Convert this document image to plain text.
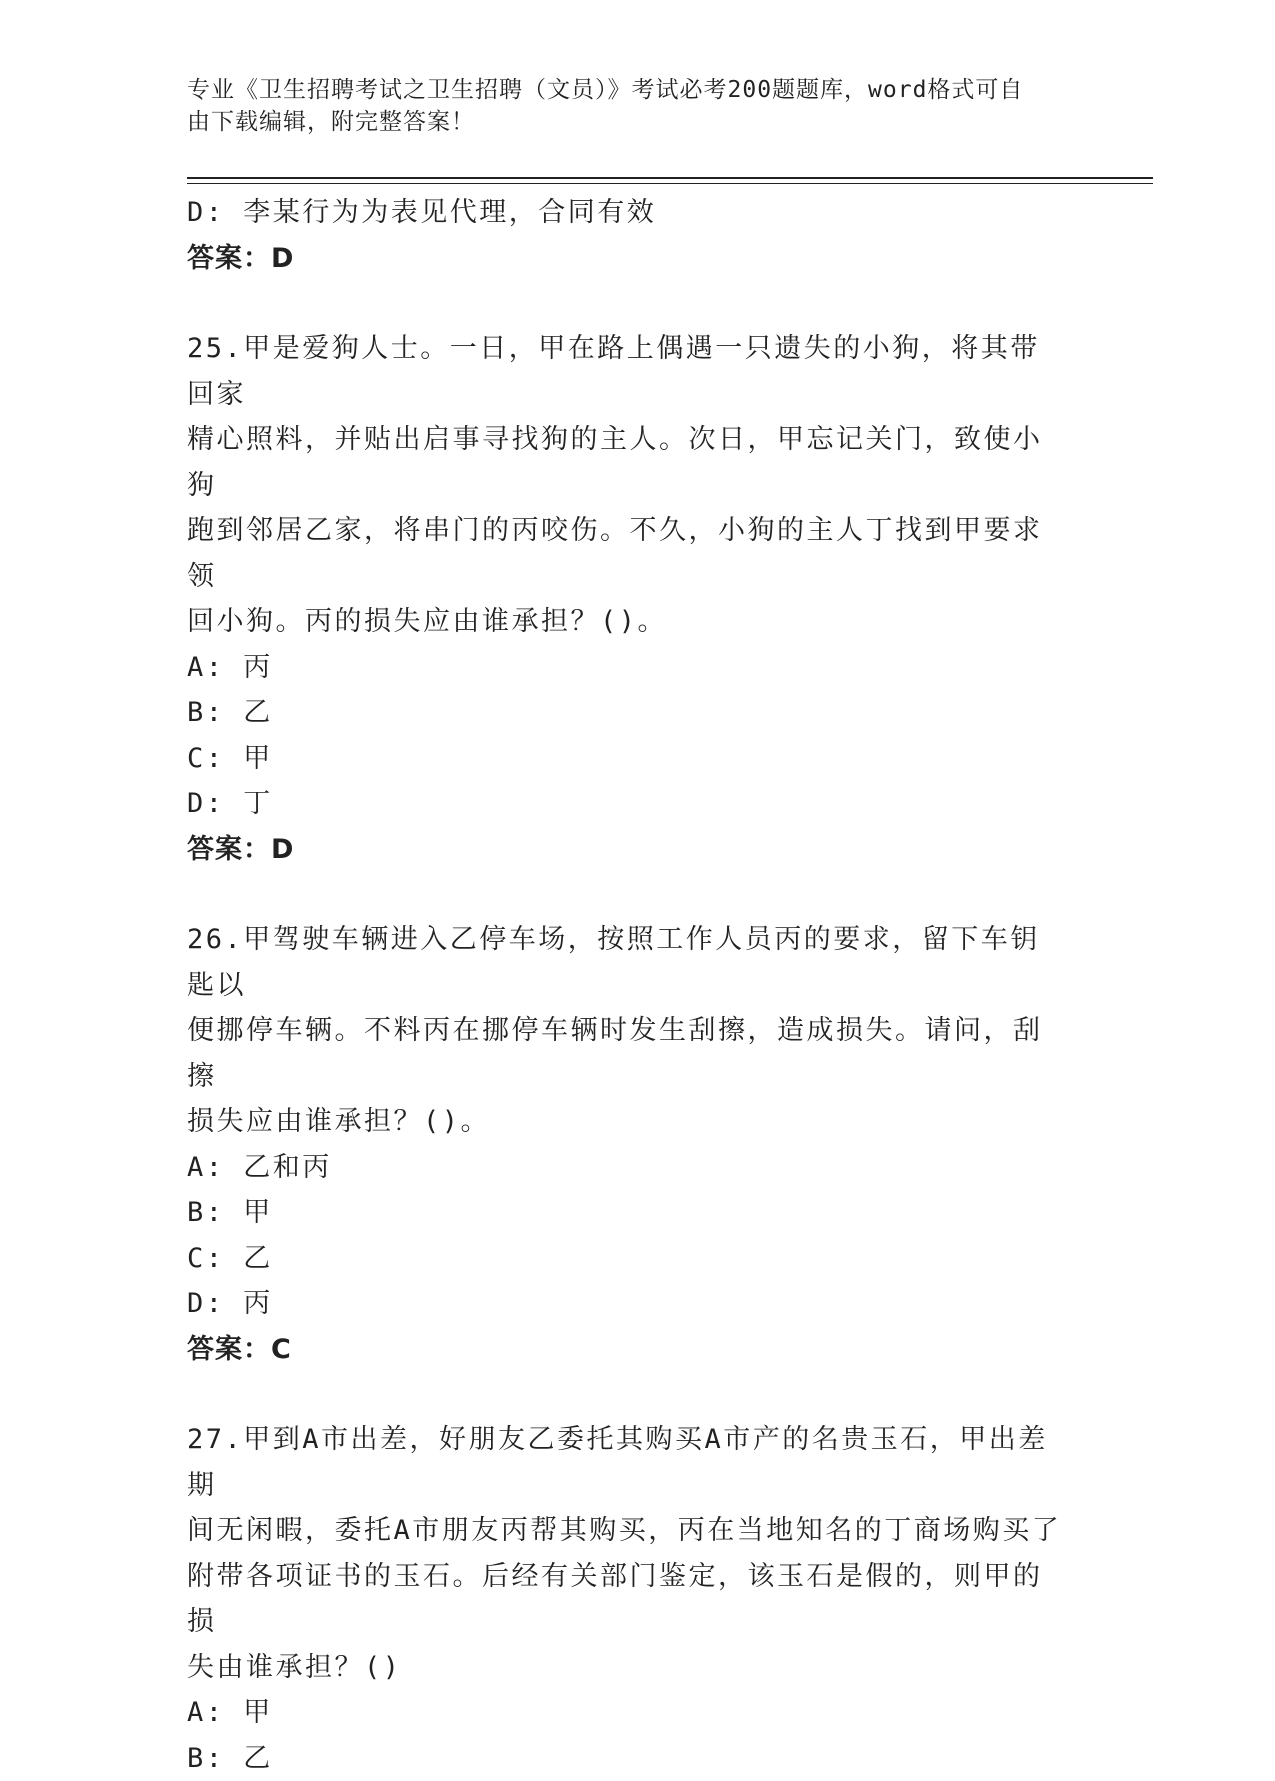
专业《卫生招聘考试之卫生招聘（文员）》考试必考200题题库，word格式可自
由下载编辑，附完整答案！

D: 李某行为为表见代理，合同有效

答案：D

25.甲是爱狗人士。一日，甲在路上偶遇一只遗失的小狗，将其带回家

精心照料，并贴出启事寻找狗的主人。次日，甲忘记关门，致使小狗

跑到邻居乙家，将串门的丙咬伤。不久，小狗的主人丁找到甲要求领

回小狗。丙的损失应由谁承担？()。

A: 丙

B: 乙

C: 甲

D: 丁

答案：D

26.甲驾驶车辆进入乙停车场，按照工作人员丙的要求，留下车钥匙以

便挪停车辆。不料丙在挪停车辆时发生刮擦，造成损失。请问，刮擦

损失应由谁承担？()。

A: 乙和丙

B: 甲

C: 乙

D: 丙

答案：C

27.甲到A市出差，好朋友乙委托其购买A市产的名贵玉石，甲出差期

间无闲暇，委托A市朋友丙帮其购买，丙在当地知名的丁商场购买了

附带各项证书的玉石。后经有关部门鉴定，该玉石是假的，则甲的损

失由谁承担？()

A: 甲

B: 乙
